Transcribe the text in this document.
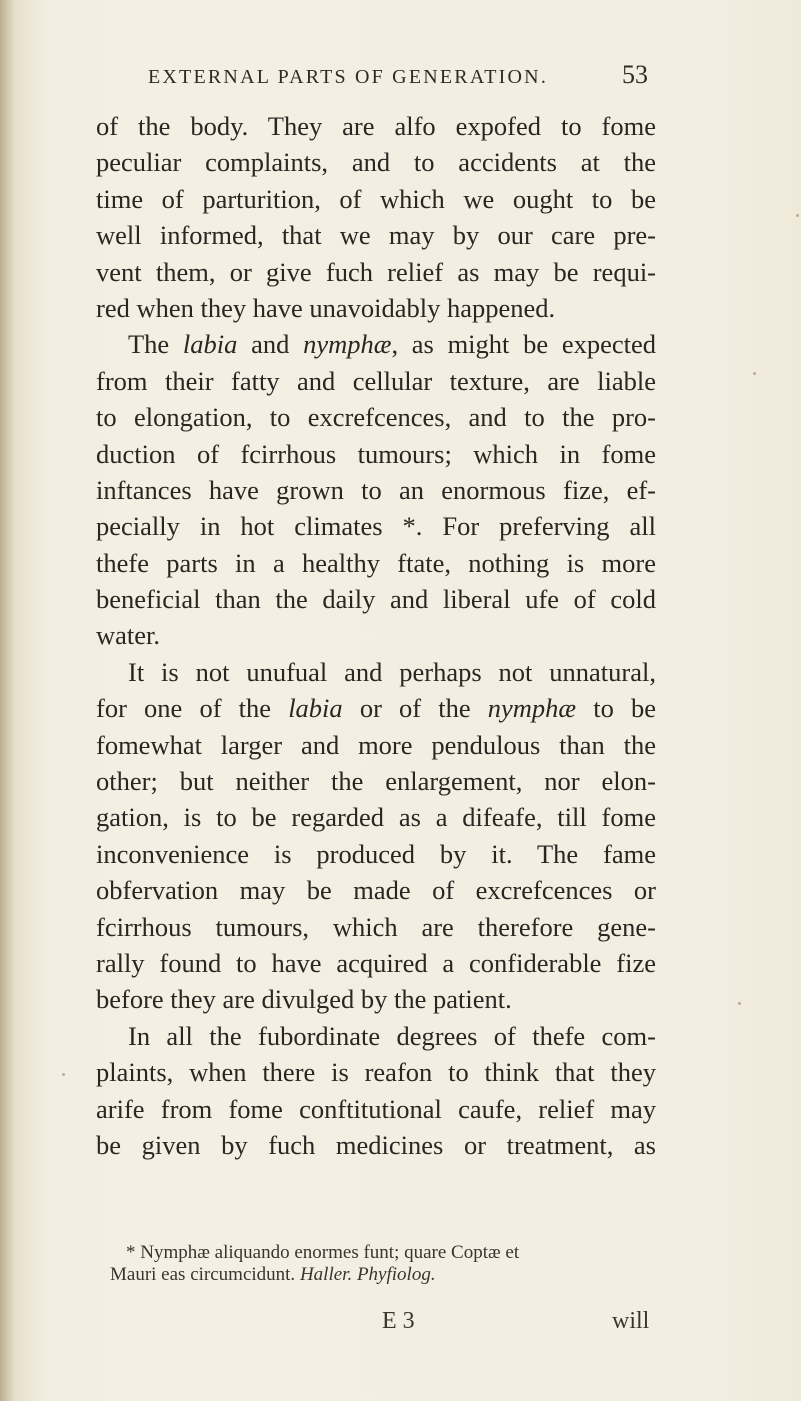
EXTERNAL PARTS OF GENERATION.	53
of the body. They are alfo expofed to fome
peculiar complaints, and to accidents at the
time of parturition, of which we ought to be
well informed, that we may by our care pre-
vent them, or give fuch relief as may be requi-
red when they have unavoidably happened.
The labia and nymphæ, as might be expected
from their fatty and cellular texture, are liable
to elongation, to excrefcences, and to the pro-
duction of fcirrhous tumours; which in fome
inftances have grown to an enormous fize, ef-
pecially in hot climates *. For preferving all
thefe parts in a healthy ftate, nothing is more
beneficial than the daily and liberal ufe of cold
water.
It is not unufual and perhaps not unnatural,
for one of the labia or of the nymphæ to be
fomewhat larger and more pendulous than the
other; but neither the enlargement, nor elon-
gation, is to be regarded as a difeafe, till fome
inconvenience is produced by it. The fame
obfervation may be made of excrefcences or
fcirrhous tumours, which are therefore gene-
rally found to have acquired a confiderable fize
before they are divulged by the patient.
In all the fubordinate degrees of thefe com-
plaints, when there is reafon to think that they
arife from fome conftitutional caufe, relief may
be given by fuch medicines or treatment, as
* Nymphæ aliquando enormes funt; quare Coptæ et
Mauri eas circumcidunt. Haller. Phyfiolog.
E 3	will
